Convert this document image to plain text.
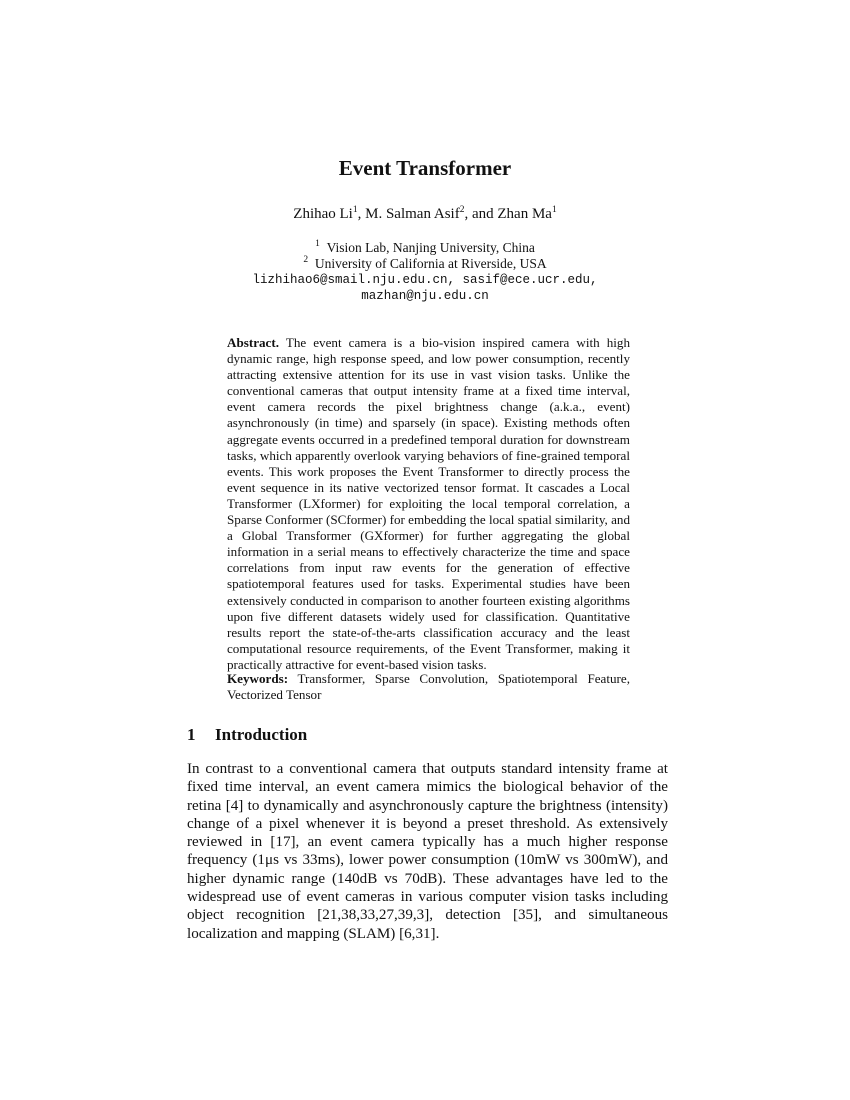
Event Transformer
Zhihao Li$^1$, M. Salman Asif$^2$, and Zhan Ma$^1$
$^1$ Vision Lab, Nanjing University, China
$^2$ University of California at Riverside, USA
lizhihao6@smail.nju.edu.cn, sasif@ece.ucr.edu,
mazhan@nju.edu.cn

Abstract. The event camera is a bio-vision inspired camera with high dynamic range, high response speed, and low power consumption, recently attracting extensive attention for its use in vast vision tasks. Unlike the conventional cameras that output intensity frame at a fixed time interval, event camera records the pixel brightness change (a.k.a., event) asynchronously (in time) and sparsely (in space). Existing methods often aggregate events occurred in a predefined temporal duration for downstream tasks, which apparently overlook varying behaviors of fine-grained temporal events. This work proposes the Event Transformer to directly process the event sequence in its native vectorized tensor format. It cascades a Local Transformer (LXformer) for exploiting the local temporal correlation, a Sparse Conformer (SCformer) for embedding the local spatial similarity, and a Global Transformer (GXformer) for further aggregating the global information in a serial means to effectively characterize the time and space correlations from input raw events for the generation of effective spatiotemporal features used for tasks. Experimental studies have been extensively conducted in comparison to another fourteen existing algorithms upon five different datasets widely used for classification. Quantitative results report the state-of-the-arts classification accuracy and the least computational resource requirements, of the Event Transformer, making it practically attractive for event-based vision tasks.

Keywords: Transformer, Sparse Convolution, Spatiotemporal Feature, Vectorized Tensor

1 Introduction

In contrast to a conventional camera that outputs standard intensity frame at fixed time interval, an event camera mimics the biological behavior of the retina [4] to dynamically and asynchronously capture the brightness (intensity) change of a pixel whenever it is beyond a preset threshold. As extensively reviewed in [17], an event camera typically has a much higher response frequency (1μs vs 33ms), lower power consumption (10mW vs 300mW), and higher dynamic range (140dB vs 70dB). These advantages have led to the widespread use of event cameras in various computer vision tasks including object recognition [21,38,33,27,39,3], detection [35], and simultaneous localization and mapping (SLAM) [6,31].
